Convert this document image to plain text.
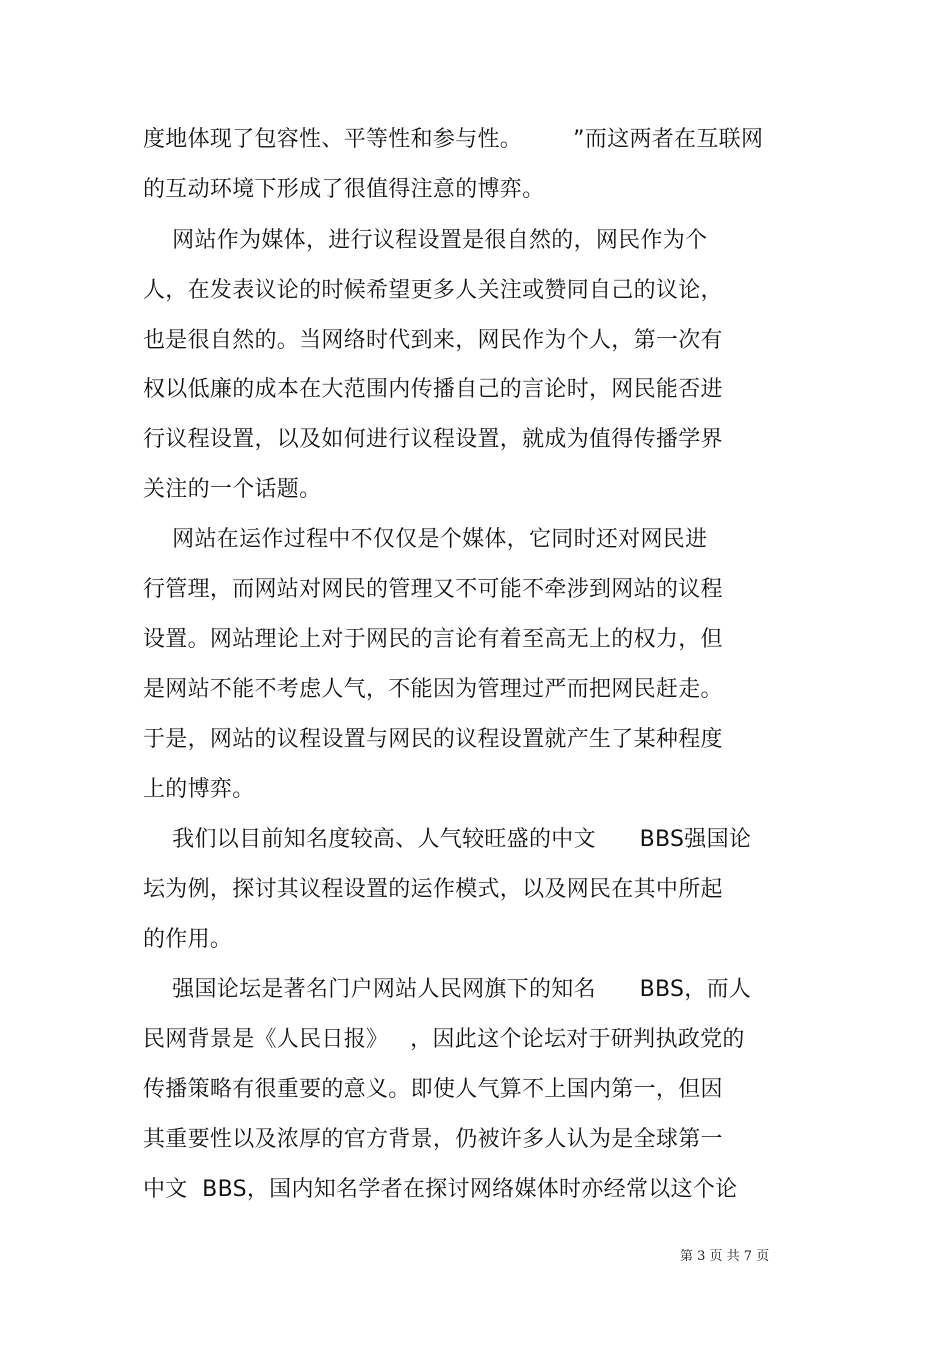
度地体现了包容性、平等性和参与性。       ”而这两者在互联网
的互动环境下形成了很值得注意的博弈。
网站作为媒体，进行议程设置是很自然的，网民作为个
人，在发表议论的时候希望更多人关注或赞同自己的议论，
也是很自然的。当网络时代到来，网民作为个人，第一次有
权以低廉的成本在大范围内传播自己的言论时，网民能否进
行议程设置，以及如何进行议程设置，就成为值得传播学界
关注的一个话题。
网站在运作过程中不仅仅是个媒体，它同时还对网民进
行管理，而网站对网民的管理又不可能不牵涉到网站的议程
设置。网站理论上对于网民的言论有着至高无上的权力，但
是网站不能不考虑人气，不能因为管理过严而把网民赶走。
于是，网站的议程设置与网民的议程设置就产生了某种程度
上的博弈。
我们以目前知名度较高、人气较旺盛的中文      BBS强国论
坛为例，探讨其议程设置的运作模式，以及网民在其中所起
的作用。
强国论坛是著名门户网站人民网旗下的知名      BBS，而人
民网背景是《人民日报》   ，因此这个论坛对于研判执政党的
传播策略有很重要的意义。即使人气算不上国内第一，但因
其重要性以及浓厚的官方背景，仍被许多人认为是全球第一
中文  BBS，国内知名学者在探讨网络媒体时亦经常以这个论
第 3 页 共 7 页
